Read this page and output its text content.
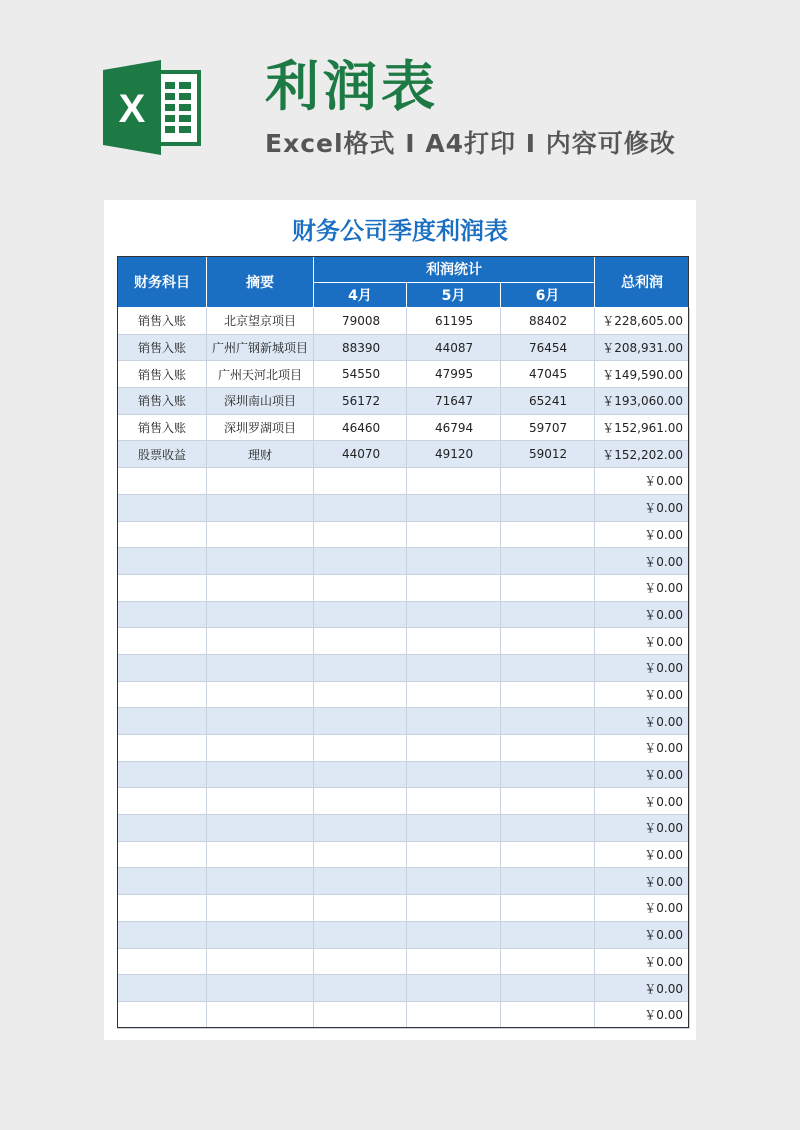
X 利润表
Excel格式 I A4打印 I 内容可修改
财务公司季度利润表
财务科目	摘要	利润统计			总利润
		4月	5月	6月	
销售入账	北京望京项目	79008	61195	88402	￥228,605.00
销售入账	广州广钢新城项目	88390	44087	76454	￥208,931.00
销售入账	广州天河北项目	54550	47995	47045	￥149,590.00
销售入账	深圳南山项目	56172	71647	65241	￥193,060.00
销售入账	深圳罗湖项目	46460	46794	59707	￥152,961.00
股票收益	理财	44070	49120	59012	￥152,202.00
					￥0.00
					￥0.00
					￥0.00
					￥0.00
					￥0.00
					￥0.00
					￥0.00
					￥0.00
					￥0.00
					￥0.00
					￥0.00
					￥0.00
					￥0.00
					￥0.00
					￥0.00
					￥0.00
					￥0.00
					￥0.00
					￥0.00
					￥0.00
					￥0.00
